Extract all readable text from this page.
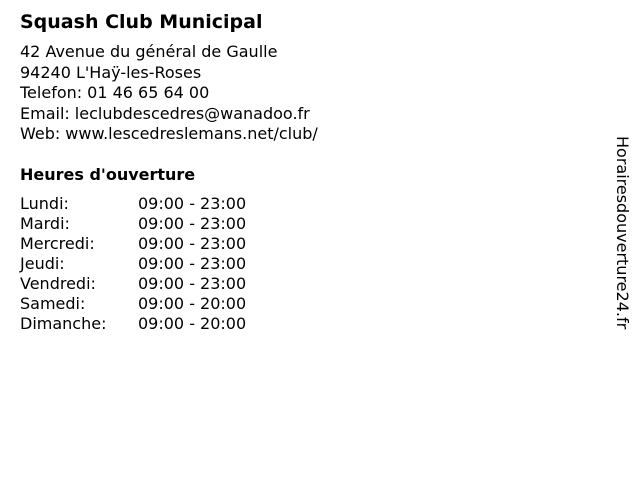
Squash Club Municipal
42 Avenue du général de Gaulle
94240 L'Haÿ-les-Roses
Telefon: 01 46 65 64 00
Email: leclubdescedres@wanadoo.fr
Web: www.lescedreslemans.net/club/
Heures d'ouverture
Lundi:	09:00 - 23:00
Mardi:	09:00 - 23:00
Mercredi:	09:00 - 23:00
Jeudi:	09:00 - 23:00
Vendredi:	09:00 - 23:00
Samedi:	09:00 - 20:00
Dimanche:	09:00 - 20:00	Horairesdouverture24.fr
